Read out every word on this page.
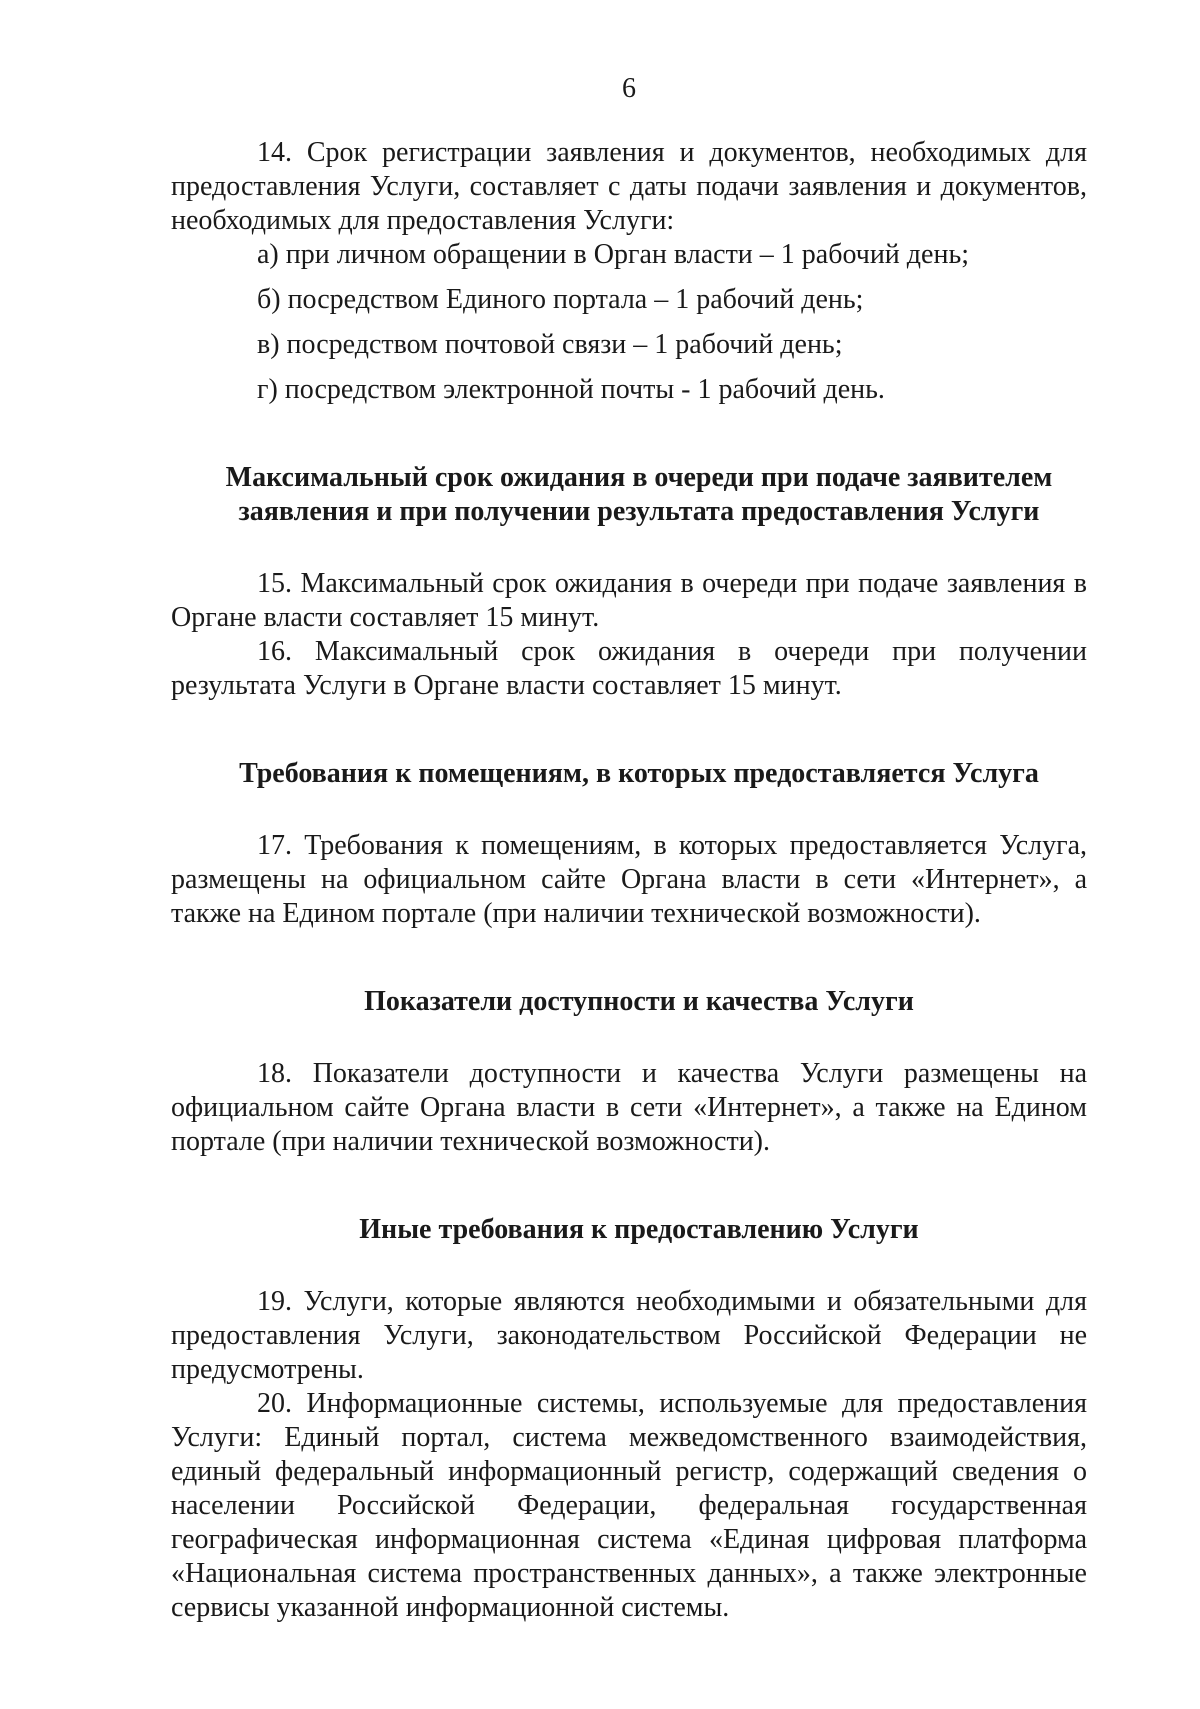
6

14. Срок регистрации заявления и документов, необходимых для предоставления Услуги, составляет с даты подачи заявления и документов, необходимых для предоставления Услуги:

а) при личном обращении в Орган власти – 1 рабочий день;

б) посредством Единого портала – 1 рабочий день;

в) посредством почтовой связи – 1 рабочий день;

г) посредством электронной почты - 1 рабочий день.

Максимальный срок ожидания в очереди при подаче заявителем заявления и при получении результата предоставления Услуги

15. Максимальный срок ожидания в очереди при подаче заявления в Органе власти составляет 15 минут.

16. Максимальный срок ожидания в очереди при получении результата Услуги в Органе власти составляет 15 минут.

Требования к помещениям, в которых предоставляется Услуга

17. Требования к помещениям, в которых предоставляется Услуга, размещены на официальном сайте Органа власти в сети «Интернет», а также на Едином портале (при наличии технической возможности).

Показатели доступности и качества Услуги

18. Показатели доступности и качества Услуги размещены на официальном сайте Органа власти в сети «Интернет», а также на Едином портале (при наличии технической возможности).

Иные требования к предоставлению Услуги

19. Услуги, которые являются необходимыми и обязательными для предоставления Услуги, законодательством Российской Федерации не предусмотрены.

20. Информационные системы, используемые для предоставления Услуги: Единый портал, система межведомственного взаимодействия, единый федеральный информационный регистр, содержащий сведения о населении Российской Федерации, федеральная государственная географическая информационная система «Единая цифровая платформа «Национальная система пространственных данных», а также электронные сервисы указанной информационной системы.
